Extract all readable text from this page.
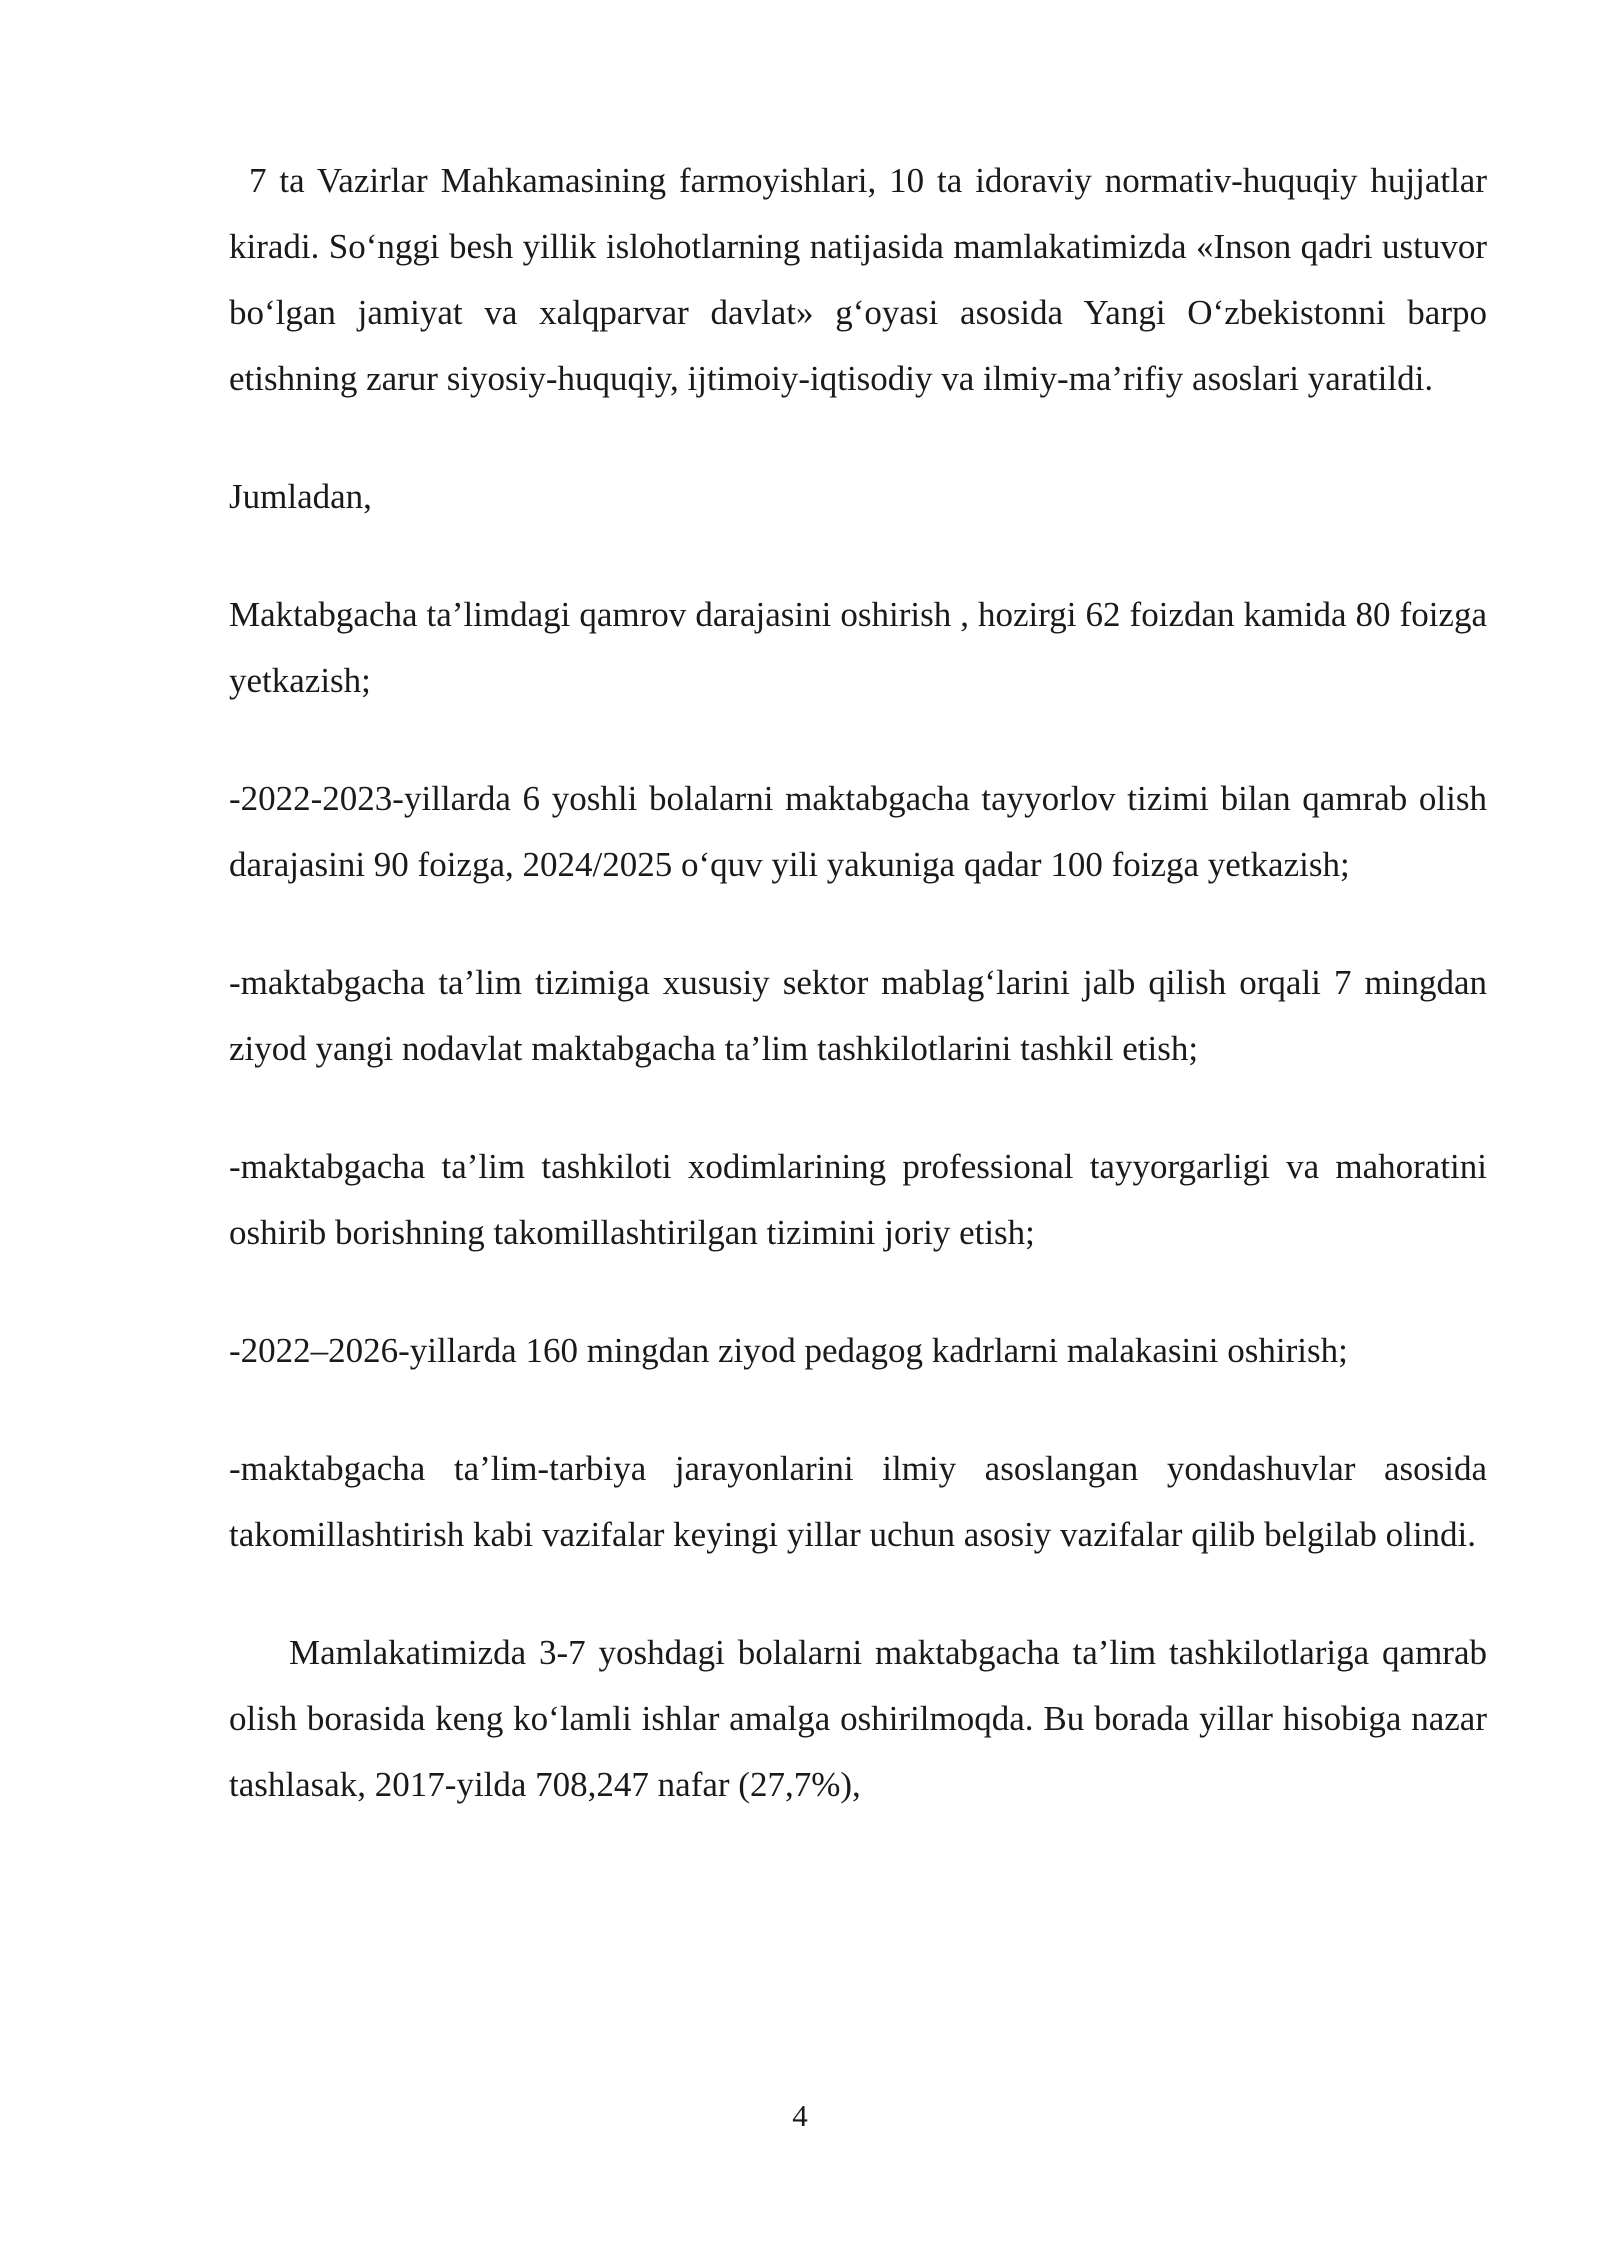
7 ta Vazirlar Mahkamasining farmoyishlari, 10 ta idoraviy normativ-huquqiy hujjatlar kiradi. So‘nggi besh yillik islohotlarning natijasida mamlakatimizda «Inson qadri ustuvor bo‘lgan jamiyat va xalqparvar davlat» g‘oyasi asosida Yangi O‘zbekistonni barpo etishning zarur siyosiy-huquqiy, ijtimoiy-iqtisodiy va ilmiy-ma’rifiy asoslari yaratildi.

Jumladan,

Maktabgacha ta’limdagi qamrov darajasini oshirish , hozirgi 62 foizdan kamida 80 foizga yetkazish;

-2022-2023-yillarda 6 yoshli bolalarni maktabgacha tayyorlov tizimi bilan qamrab olish darajasini 90 foizga, 2024/2025 o‘quv yili yakuniga qadar 100 foizga yetkazish;

-maktabgacha ta’lim tizimiga xususiy sektor mablag‘larini jalb qilish orqali 7 mingdan ziyod yangi nodavlat maktabgacha ta’lim tashkilotlarini tashkil etish;

-maktabgacha ta’lim tashkiloti xodimlarining professional tayyorgarligi va mahoratini oshirib borishning takomillashtirilgan tizimini joriy etish;

-2022–2026-yillarda 160 mingdan ziyod pedagog kadrlarni malakasini oshirish;

-maktabgacha ta’lim-tarbiya jarayonlarini ilmiy asoslangan yondashuvlar asosida takomillashtirish kabi vazifalar keyingi yillar uchun asosiy vazifalar qilib belgilab olindi.

Mamlakatimizda 3-7 yoshdagi bolalarni maktabgacha ta’lim tashkilotlariga qamrab olish borasida keng ko‘lamli ishlar amalga oshirilmoqda. Bu borada yillar hisobiga nazar tashlasak, 2017-yilda 708,247 nafar (27,7%),

4
